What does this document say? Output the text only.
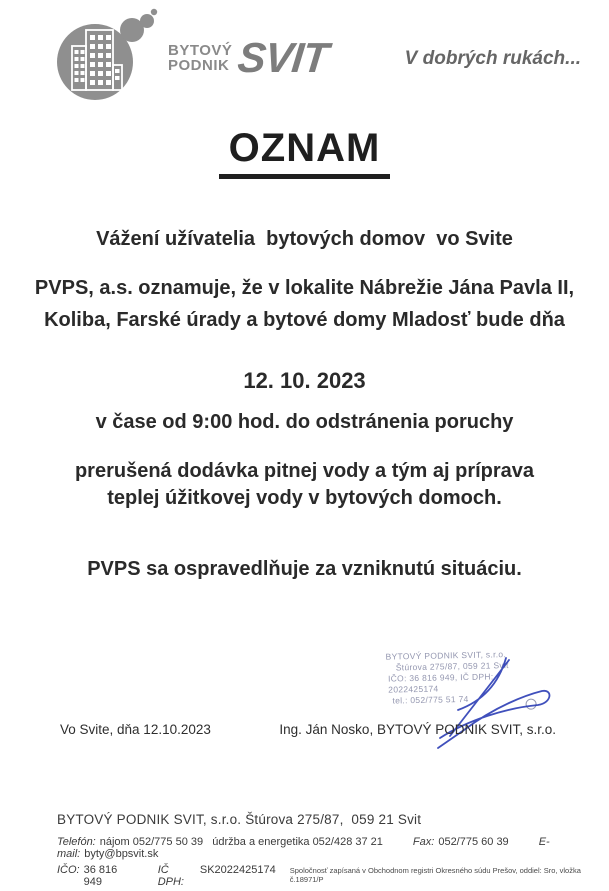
BYTOVÝ
PODNIK SVIT	V dobrých rukách...
OZNAM

Vážení užívatelia  bytových domov  vo Svite

PVPS, a.s. oznamuje, že v lokalite Nábrežie Jána Pavla II, Koliba, Farské úrady a bytové domy Mladosť bude dňa

12. 10. 2023

v čase od 9:00 hod. do odstránenia poruchy

prerušená dodávka pitnej vody a tým aj príprava teplej úžitkovej vody v bytových domoch.

PVPS sa ospravedlňuje za vzniknutú situáciu.

BYTOVÝ PODNIK SVIT, s.r.o.
Štúrova 275/87, 059 21 Svit
IČO: 36 816 949, IČ DPH: 2022425174
tel.: 052/775 51 74
Vo Svite, dňa 12.10.2023	Ing. Ján Nosko, BYTOVÝ PODNIK SVIT, s.r.o.
BYTOVÝ PODNIK SVIT, s.r.o. Štúrova 275/87,  059 21 Svit
Telefón: nájom 052/775 50 39   údržba a energetika 052/428 37 21	Fax: 052/775 60 39	E-mail: byty@bpsvit.sk
IČO: 36 816 949
IČ DPH:
SK2022425174 Spoločnosť zapísaná v Obchodnom registri Okresného súdu Prešov, oddiel: Sro, vložka č.18971/P
